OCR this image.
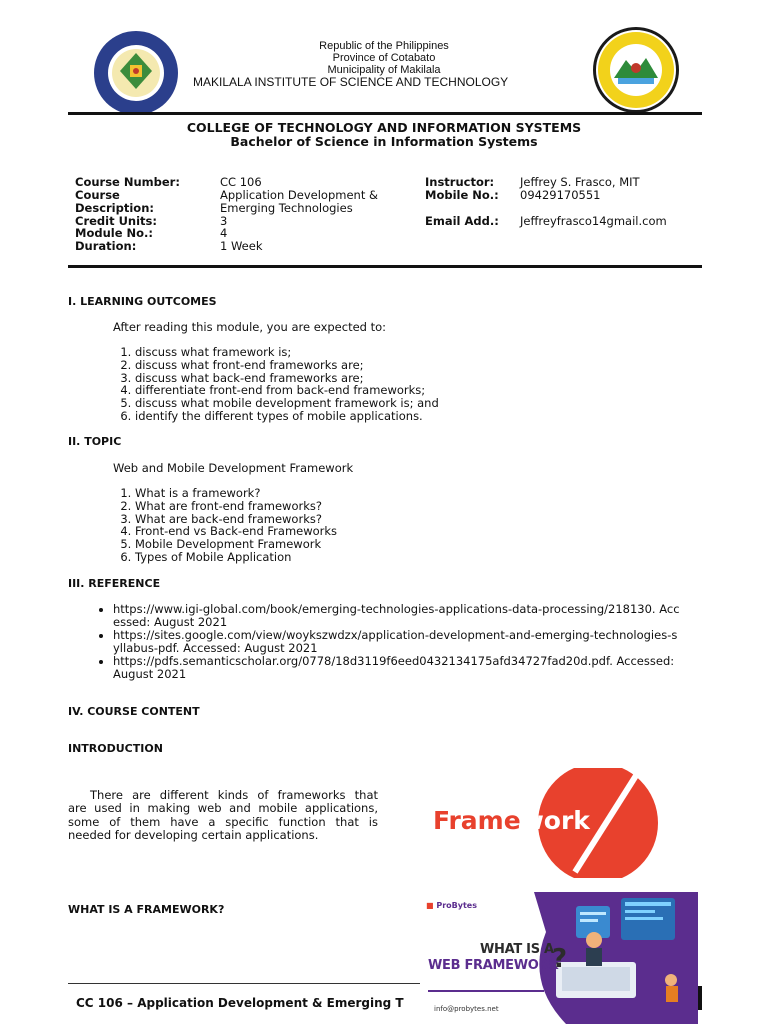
Republic of the Philippines
Province of Cotabato
Municipality of Makilala
MAKILALA INSTITUTE OF SCIENCE AND TECHNOLOGY
COLLEGE OF TECHNOLOGY AND INFORMATION SYSTEMS
Bachelor of Science in Information Systems
Course Number:	CC 106
Course	Application Development &
Description:	Emerging Technologies
Credit Units:	3
Module No.:	4
Duration:	1 Week
Instructor: Jeffrey S. Frasco, MIT
Mobile No.: 09429170551
Email Add.: Jeffreyfrasco14gmail.com
I. LEARNING OUTCOMES
After reading this module, you are expected to:
1. discuss what framework is;
2. discuss what front-end frameworks are;
3. discuss what back-end frameworks are;
4. differentiate front-end from back-end frameworks;
5. discuss what mobile development framework is; and
6. identify the different types of mobile applications.
II. TOPIC
Web and Mobile Development Framework
1. What is a framework?
2. What are front-end frameworks?
3. What are back-end frameworks?
4. Front-end vs Back-end Frameworks
5. Mobile Development Framework
6. Types of Mobile Application
III. REFERENCE
• https://www.igi-global.com/book/emerging-technologies-applications-data-processing/218130. Accessed: August 2021
• https://sites.google.com/view/woykszwdzx/application-development-and-emerging-technologies-syllabus-pdf. Accessed: August 2021
• https://pdfs.semanticscholar.org/0778/18d3119f6eed0432134175afd34727fad20d.pdf. Accessed: August 2021
IV. COURSE CONTENT
INTRODUCTION
There are different kinds of frameworks that
are used in making web and mobile applications,
some of them have a specific function that is
needed for developing certain applications.
WHAT IS A FRAMEWORK?
Framework
■ ProBytes
WHAT IS A
WEB FRAMEWORK
?
info@probytes.net
CC 106 – Application Development & Emerging T
